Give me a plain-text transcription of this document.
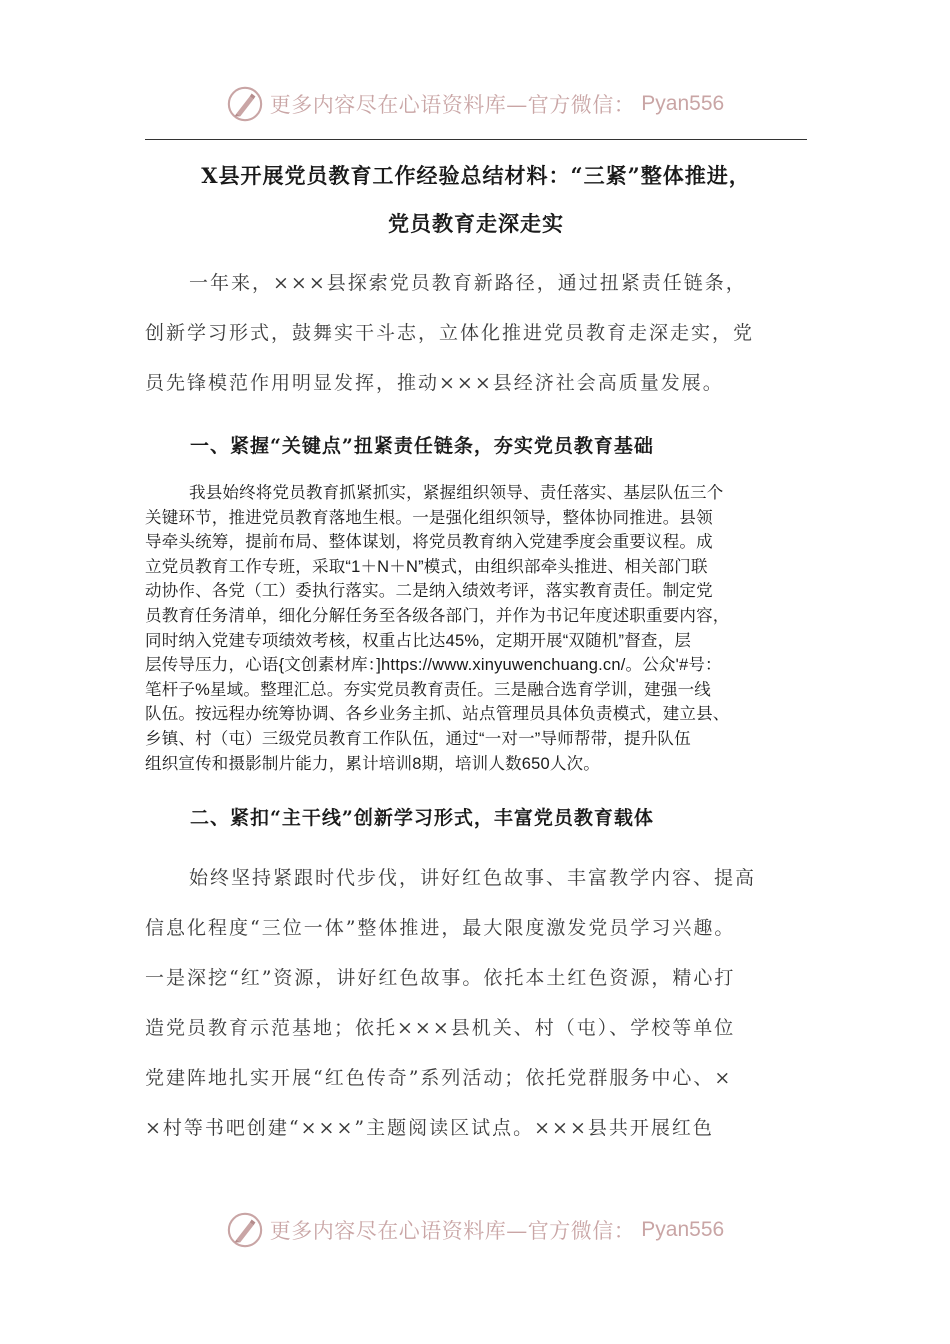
更多内容尽在心语资料库—官方微信： Pyan556
X县开展党员教育工作经验总结材料：“三紧”整体推进，
党员教育走深走实
一年来，×××县探索党员教育新路径，通过扭紧责任链条，
创新学习形式，鼓舞实干斗志，立体化推进党员教育走深走实，党
员先锋模范作用明显发挥，推动×××县经济社会高质量发展。
一、紧握“关键点”扭紧责任链条，夯实党员教育基础
我县始终将党员教育抓紧抓实，紧握组织领导、责任落实、基层队伍三个
关键环节，推进党员教育落地生根。一是强化组织领导，整体协同推进。县领
导牵头统筹，提前布局、整体谋划，将党员教育纳入党建季度会重要议程。成
立党员教育工作专班，采取“1＋N＋N”模式，由组织部牵头推进、相关部门联
动协作、各党（工）委执行落实。二是纳入绩效考评，落实教育责任。制定党
员教育任务清单，细化分解任务至各级各部门，并作为书记年度述职重要内容，
同时纳入党建专项绩效考核，权重占比达45%，定期开展“双随机”督查，层
层传导压力，心语{文创素材库：]https://www.xinyuwenchuang.cn/。公众'#号：
笔杆子%星域。整理汇总。夯实党员教育责任。三是融合选育学训，建强一线
队伍。按远程办统筹协调、各乡业务主抓、站点管理员具体负责模式，建立县、
乡镇、村（屯）三级党员教育工作队伍，通过“一对一”导师帮带，提升队伍
组织宣传和摄影制片能力，累计培训8期，培训人数650人次。
二、紧扣“主干线”创新学习形式，丰富党员教育载体
始终坚持紧跟时代步伐，讲好红色故事、丰富教学内容、提高
信息化程度“三位一体”整体推进，最大限度激发党员学习兴趣。
一是深挖“红”资源，讲好红色故事。依托本土红色资源，精心打
造党员教育示范基地；依托×××县机关、村（屯）、学校等单位
党建阵地扎实开展“红色传奇”系列活动；依托党群服务中心、×
×村等书吧创建“×××”主题阅读区试点。×××县共开展红色
更多内容尽在心语资料库—官方微信： Pyan556
